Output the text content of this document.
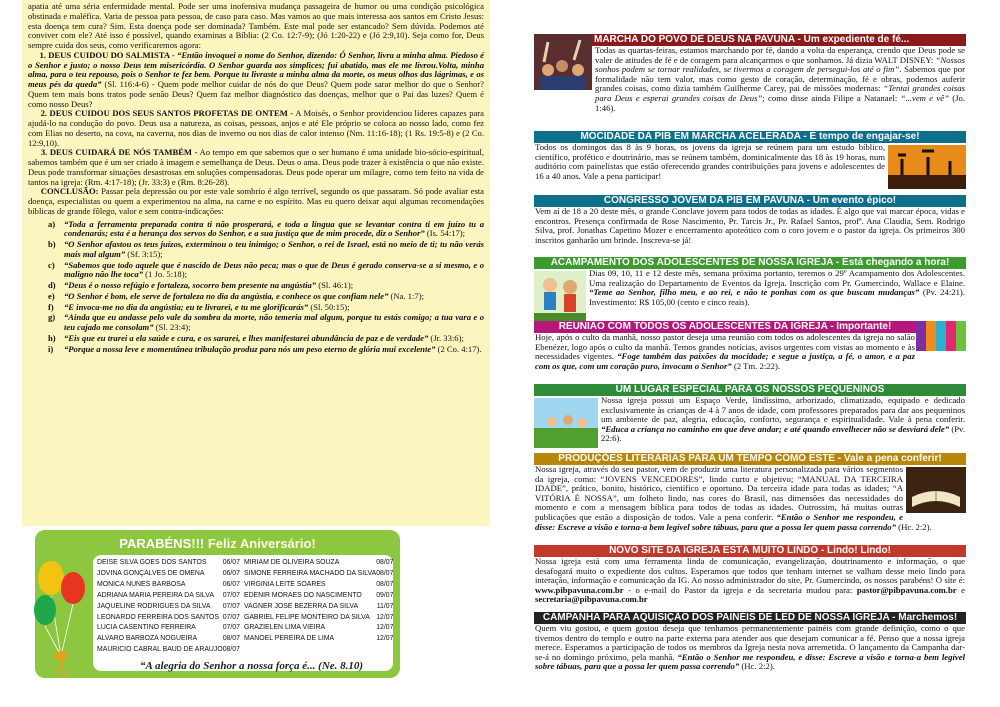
apatia até uma séria enfermidade mental. Pode ser uma inofensiva mudança passageira de humor ou uma condição psicológica obstinada e maléfica. Varia de pessoa para pessoa, de caso para caso. Mas vamos ao que mais interessa aos santos em Cristo Jesus: esta doença tem cura? Sim. Esta doença pode ser dominada? Também. Este mal pode ser estancado? Sem dúvida. Podemos até conviver com ele? Até isso é possível, quando examinas a Bíblia: (2 Co. 12:7-9); (Jó 1:20-22) e (Jó 2:9,10). Seja como for, Deus sempre cuida dos seus, como verificaremos agora:

1. DEUS CUIDOU DO SALMISTA - “Então invoquei o nome do Senhor, dizendo: Ó Senhor, livra a minha alma. Piedoso é o Senhor e justo; o nosso Deus tem misericórdia. O Senhor guarda aos simplices; fui abatido, mas ele me livrou.Volta, minha alma, para o teu repouso, pois o Senhor te fez bem. Porque tu livraste a minha alma da morte, os meus olhos das lágrimas, e os meus pés da queda” (Sl. 116:4-6) - Quem pode melhor cuidar de nós do que Deus? Quem pode sarar melhor do que o Senhor? Quem tem mais bons tratos pode senão Deus? Quem faz melhor diagnóstico das doenças, melhor que o Pai das luzes? Quem é como nosso Deus?

2. DEUS CUIDOU DOS SEUS SANTOS PROFETAS DE ONTEM - A Moisés, o Senhor providenciou líderes capazes para ajudá-lo na condução do povo. Deus usa a natureza, as coisas, pessoas, anjos e até Ele próprio se coloca ao nosso lado, como fez com Elias no deserto, na cova, na caverna, nos dias de inverno ou nos dias de calor intenso (Nm. 11:16-18); (1 Rs. 19:5-8) e (2 Co. 12:9,10).

3. DEUS CUIDARÁ DE NÓS TAMBÉM - Ao tempo em que sabemos que o ser humano é uma unidade bio-sócio-espiritual, sabemos também que é um ser criado à imagem e semelhança de Deus. Deus o ama. Deus pode trazer à existência o que não existe. Deus pode transformar situações desastrosas em soluções compensadoras. Deus pode operar um milagre, como tem feito na vida de tantos na igreja: (Rm. 4:17-18); (Jr. 33:3) e (Rm. 8:26-28).

CONCLUSÃO: Passar pela depressão ou por este vale sombrio é algo terrível, segundo os que passaram. Só pode avaliar esta doença, especialistas ou quem a experimentou na alma, na carne e no espírito. Mas eu quero deixar aqui algumas recomendações bíblicas de grande fôlego, valor e sem contra-indicações:

a) “Toda a ferramenta preparada contra ti não prosperará, e toda a língua que se levantar contra ti em juízo tu a condenarás; esta é a herança dos servos do Senhor, e a sua justiça que de mim procede, diz o Senhor” (Is. 54:17);
b) “O Senhor afastou os teus juízos, exterminou o teu inimigo; o Senhor, o rei de Israel, está no meio de ti; tu não verás mais mal algum” (Sf. 3:15);
c) “Sabemos que todo aquele que é nascido de Deus não peca; mas o que de Deus é gerado conserva-se a si mesmo, e o maligno não lhe toca” (1 Jo. 5:18);
d) “Deus é o nosso refúgio e fortaleza, socorro bem presente na angústia” (Sl. 46:1);
e) “O Senhor é bom, ele serve de fortaleza no dia da angústia, e conhece os que confiam nele” (Na. 1:7);
f) “E invoca-me no dia da angústia; eu te livrarei, e tu me glorificarás” (Sl. 50:15);
g) “Ainda que eu andasse pelo vale da sombra da morte, não temeria mal algum, porque tu estás comigo; a tua vara e o teu cajado me consolam” (Sl. 23:4);
h) “Eis que eu trarei a ela saúde e cura, e os sararei, e lhes manifestarei abundância de paz e de verdade” (Jr. 33:6);
i) “Porque a nossa leve e momentânea tribulação produz para nós um peso eterno de glória mui excelente” (2 Co. 4:17).
PARABÉNS!!! Feliz Aniversário!
DEISE SILVA GOES DOS SANTOS 06/07
JOVINA GONÇALVES DE OMENA	06/07
MONICA NUNES BARBOSA	06/07
ADRIANA MARIA PEREIRA DA SILVA 07/07
JAQUELINE RODRIGUES DA SILVA 07/07
LEONARDO FERREIRA DOS SANTOS 07/07
LUCIA CASENTINO FERREIRA	07/07
ALVARO BARBOZA NOGUEIRA	08/07
MAURICIO CABRAL BAUD DE ARAUJO 08/07
MIRIAM DE OLIVEIRA SOUZA	08/07
SIMONE FERREIRA MACHADO DA SILVA 08/07
VIRGINIA LEITE SOARES	08/07
EDENIR MORAES DO NASCIMENTO 09/07
VAGNER JOSE BEZERRA DA SILVA	11/07
GABRIEL FELIPE MONTEIRO DA SILVA 12/07
GRAZIELEN LIMA VIEIRA	12/07
MANOEL PEREIRA DE LIMA	12/07
“A alegria do Senhor a nossa força é... (Ne. 8.10)
MARCHA DO POVO DE DEUS NA PAVUNA - Um expediente de fé...
Todas as quartas-feiras, estamos marchando por fé, dando a volta da esperança, crendo que Deus pode se valer de atitudes de fé e de coragem para alcançarmos o que sonhamos. Já dizia WALT DISNEY: “Nossos sonhos podem se tornar realidades, se tivermos a coragem de persegui-los até o fim”. Sabemos que por formalidade não tem valor, mas como gesto de coração, determinação, fé e obras, podemos auferir grandes coisas, como dizia também Guilherme Carey, pai de missões modernas: “Tentai grandes coisas para Deus e esperai grandes coisas de Deus”; como disse ainda Filipe a Natanael: “...vem e vê” (Jo. 1:46).
MOCIDADE DA PIB EM MARCHA ACELERADA - É tempo de engajar-se!
Todos os domingos das 8 às 9 horas, os jovens da igreja se reúnem para um estudo bíblico, científico, profético e doutrinário, mas se reúnem também, dominicalmente das 18 às 19 horas, num auditório com painelistas que estão oferecendo grandes contribuições para jovens e adolescentes de 16 a 40 anos. Vale a pena participar!
CONGRESSO JOVEM DA PIB EM PAVUNA - Um evento épico!
Vem aí de 18 a 20 deste mês, o grande Conclave jovem para todos de todas as idades. É algo que vai marcar época, vidas e encontros. Presença confirmada de Rose Nascimento, Pr. Tarcis Jr., Pr. Rafael Santos, profª. Ana Claudia, Sem. Rodrigo Silva, prof. Jonathas Capetino Mozer e encerramento apoteótico com o coro jovem e o pastor da igreja. Os primeiros 300 inscritos ganharão um brinde. Inscreva-se já!
ACAMPAMENTO DOS ADOLESCENTES DE NOSSA IGREJA - Está chegando a hora!
Dias 09, 10, 11 e 12 deste mês, semana próxima portanto, teremos o 29º Acampamento dos Adolescentes. Uma realização do Departamento de Eventos da Igreja. Inscrição com Pr. Gumercindo, Wallace e Elaine. “Teme ao Senhor, filho meu, e ao rei, e não te ponhas com os que buscam mudanças” (Pv. 24:21). Investimento: R$ 105,00 (cento e cinco reais).
REUNIÃO COM TODOS OS ADOLESCENTES DA IGREJA - Importante!
Hoje, após o culto da manhã, nosso pastor deseja uma reunião com todos os adolescentes da igreja no salão Ebenézer, logo após o culto da manhã. Temos grandes notícias, avisos urgentes com vistas ao momento e às necessidades vigentes. “Foge também das paixões da mocidade; e segue a justiça, a fé, o amor, e a paz com os que, com um coração puro, invocam o Senhor” (2 Tm. 2:22).
UM LUGAR ESPECIAL PARA OS NOSSOS PEQUENINOS
Nossa igreja possui um Espaço Verde, lindíssimo, arborizado, climatizado, equipado e dedicado exclusivamente às crianças de 4 à 7 anos de idade, com professores preparados para dar aos pequeninos um ambiente de paz, alegria, educação, conforto, segurança e espiritualidade. Vale à pena conferir. “Educa a criança no caminho em que deve andar; e até quando envelhecer não se desviará dele” (Pv. 22:6).
PRODUÇÕES LITERÁRIAS PARA UM TEMPO COMO ESTE - Vale a pena conferir!
Nossa igreja, através do seu pastor, vem de produzir uma literatura personalizada para vários segmentos da igreja, como: “JOVENS VENCEDORES”, lindo curto e objetivo; “MANUAL DA TERCEIRA IDADE”, prático, bonito, histórico, científico e oportuno. Da terceira idade para todas as idades; “A VITÓRIA É NOSSA”, um folheto lindo, nas cores do Brasil, nas dimensões das necessidades do momento e com a mensagem bíblica para todos de todas as idades. Outrossim, há muitas outras publicações que estão a disposição de todos. Vale a pena conferir. “Então o Senhor me respondeu, e disse: Escreve a visão e torna-a bem legível sobre tábuas, para que a possa ler quem passa correndo” (Hc. 2:2).
NOVO SITE DA IGREJA ESTÁ MUITO LINDO - Lindo! Lindo!
Nossa igreja está com uma ferramenta linda de comunicação, evangelização, doutrinamento e informação, o que desafogará muito o expediente dos cultos. Esperamos que todos que tenham internet se valham desse meio lindo para interação, informação e comunicação da IG. Ao nosso administrador do site, Pr. Gumercindo, os nossos parabéns! O site é: www.pibpavuna.com.br - o e-mail do Pastor da igreja e da secretaria mudou para: pastor@pibpavuna.com.br e secretaria@pibpavuna.com.br
CAMPANHA PARA AQUISIÇÃO DOS PAINÉIS DE LED DE NOSSA IGREJA - Marchemos!
Quem viu gostou, e quem gostou deseja que tenhamos permanentemente painéis com grande definição, como o que tivemos dentro do templo e outro na parte externa para atender aos que desejam comunicar a fé. Penso que a nossa igreja merece. Esperamos a participação de todos os membros da Igreja nesta nova arremetida. O lançamento da Campanha dar-se-á no domingo próximo, pela manhã. “Então o Senhor me respondeu, e disse: Escreve a visão e torna-a bem legível sobre tábuas, para que a possa ler quem passa correndo” (Hc. 2:2).
